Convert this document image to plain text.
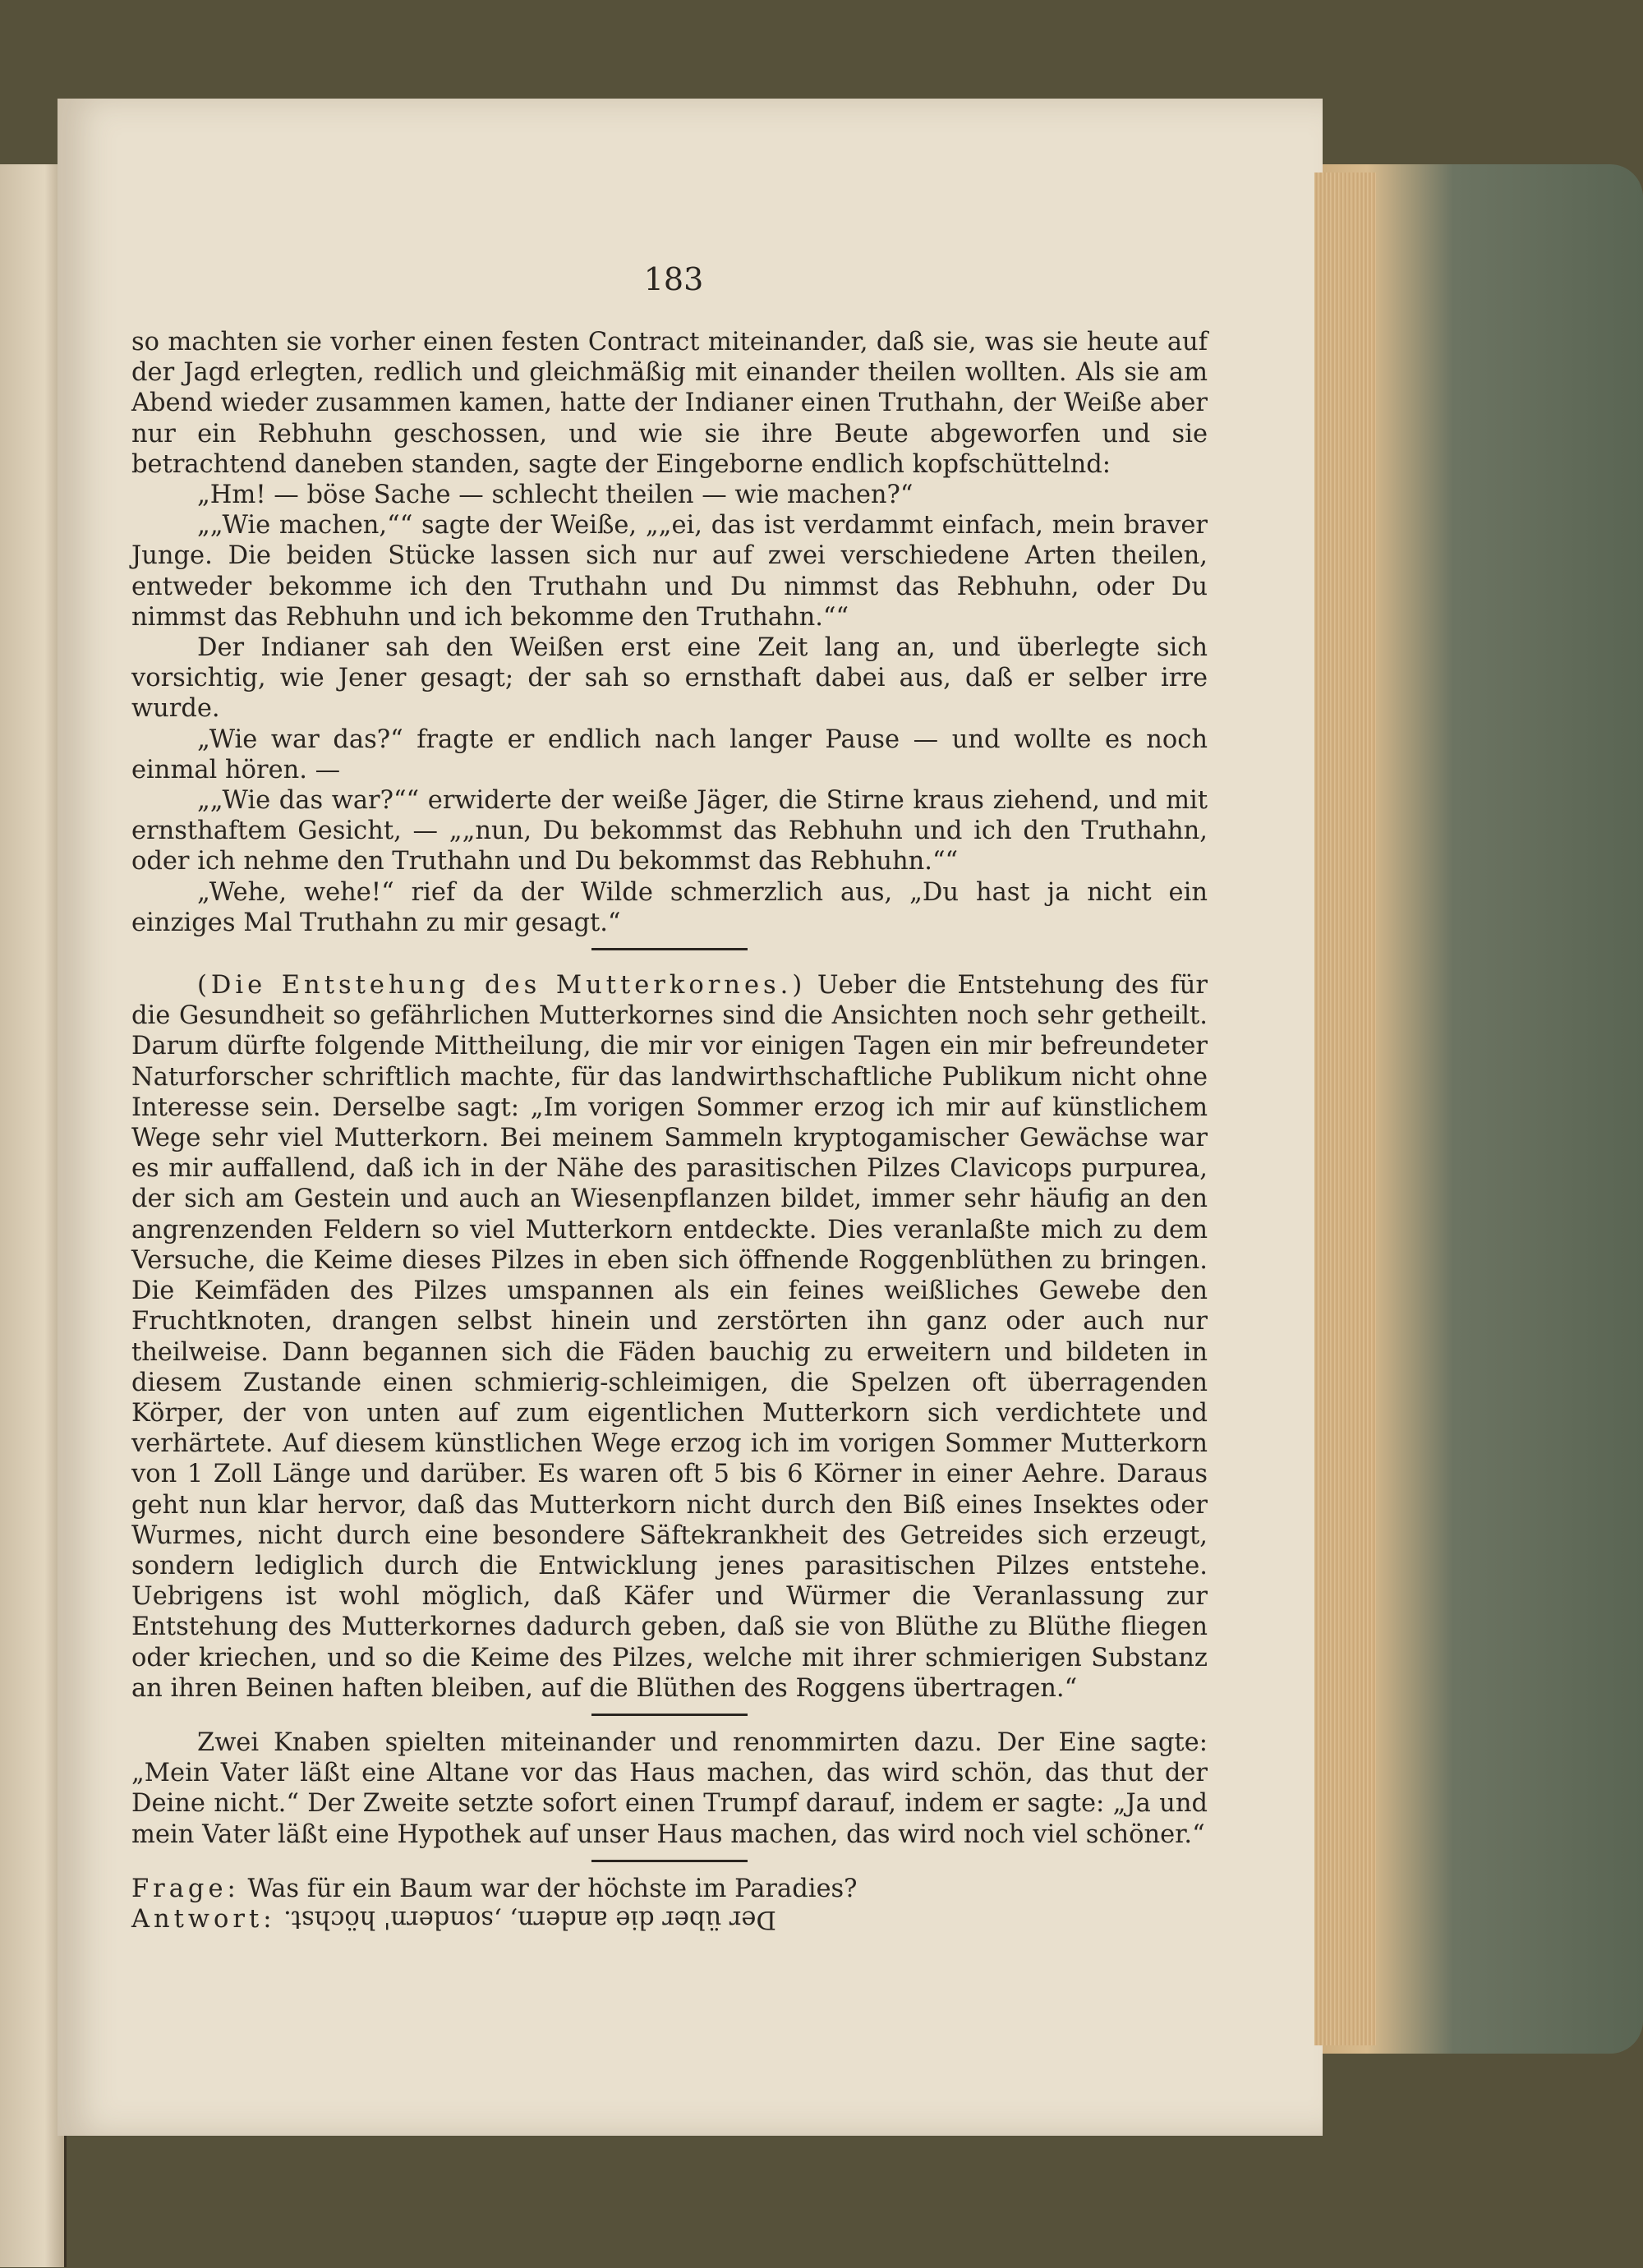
183

so machten sie vorher einen festen Contract miteinander, daß sie, was sie heute auf der Jagd erlegten, redlich und gleichmäßig mit einander theilen wollten. Als sie am Abend wieder zusammen kamen, hatte der Indianer einen Truthahn, der Weiße aber nur ein Rebhuhn geschossen, und wie sie ihre Beute abgeworfen und sie betrachtend daneben standen, sagte der Eingeborne endlich kopfschüttelnd:

„Hm! — böse Sache — schlecht theilen — wie machen?“

„„Wie machen,““ sagte der Weiße, „„ei, das ist verdammt einfach, mein braver Junge. Die beiden Stücke lassen sich nur auf zwei verschiedene Arten theilen, entweder bekomme ich den Truthahn und Du nimmst das Rebhuhn, oder Du nimmst das Rebhuhn und ich bekomme den Truthahn.““

Der Indianer sah den Weißen erst eine Zeit lang an, und überlegte sich vorsichtig, wie Jener gesagt; der sah so ernsthaft dabei aus, daß er selber irre wurde.

„Wie war das?“ fragte er endlich nach langer Pause — und wollte es noch einmal hören. —

„„Wie das war?““ erwiderte der weiße Jäger, die Stirne kraus ziehend, und mit ernsthaftem Gesicht, — „„nun, Du bekommst das Rebhuhn und ich den Truthahn, oder ich nehme den Truthahn und Du bekommst das Rebhuhn.““

„Wehe, wehe!“ rief da der Wilde schmerzlich aus, „Du hast ja nicht ein einziges Mal Truthahn zu mir gesagt.“

(Die Entstehung des Mutterkornes.) Ueber die Entstehung des für die Gesundheit so gefährlichen Mutterkornes sind die Ansichten noch sehr getheilt. Darum dürfte folgende Mittheilung, die mir vor einigen Tagen ein mir befreundeter Naturforscher schriftlich machte, für das landwirthschaftliche Publikum nicht ohne Interesse sein. Derselbe sagt: „Im vorigen Sommer erzog ich mir auf künstlichem Wege sehr viel Mutterkorn. Bei meinem Sammeln kryptogamischer Gewächse war es mir auffallend, daß ich in der Nähe des parasitischen Pilzes Clavicops purpurea, der sich am Gestein und auch an Wiesenpflanzen bildet, immer sehr häufig an den angrenzenden Feldern so viel Mutterkorn entdeckte. Dies veranlaßte mich zu dem Versuche, die Keime dieses Pilzes in eben sich öffnende Roggenblüthen zu bringen. Die Keimfäden des Pilzes umspannen als ein feines weißliches Gewebe den Fruchtknoten, drangen selbst hinein und zerstörten ihn ganz oder auch nur theilweise. Dann begannen sich die Fäden bauchig zu erweitern und bildeten in diesem Zustande einen schmierig-schleimigen, die Spelzen oft überragenden Körper, der von unten auf zum eigentlichen Mutterkorn sich verdichtete und verhärtete. Auf diesem künstlichen Wege erzog ich im vorigen Sommer Mutterkorn von 1 Zoll Länge und darüber. Es waren oft 5 bis 6 Körner in einer Aehre. Daraus geht nun klar hervor, daß das Mutterkorn nicht durch den Biß eines Insektes oder Wurmes, nicht durch eine besondere Säftekrankheit des Getreides sich erzeugt, sondern lediglich durch die Entwicklung jenes parasitischen Pilzes entstehe. Uebrigens ist wohl möglich, daß Käfer und Würmer die Veranlassung zur Entstehung des Mutterkornes dadurch geben, daß sie von Blüthe zu Blüthe fliegen oder kriechen, und so die Keime des Pilzes, welche mit ihrer schmierigen Substanz an ihren Beinen haften bleiben, auf die Blüthen des Roggens übertragen.“

Zwei Knaben spielten miteinander und renommirten dazu. Der Eine sagte: „Mein Vater läßt eine Altane vor das Haus machen, das wird schön, das thut der Deine nicht.“ Der Zweite setzte sofort einen Trumpf darauf, indem er sagte: „Ja und mein Vater läßt eine Hypothek auf unser Haus machen, das wird noch viel schöner.“

Frage: Was für ein Baum war der höchste im Paradies?
Antwort: Der über die andern, ,sondern' höchst.
